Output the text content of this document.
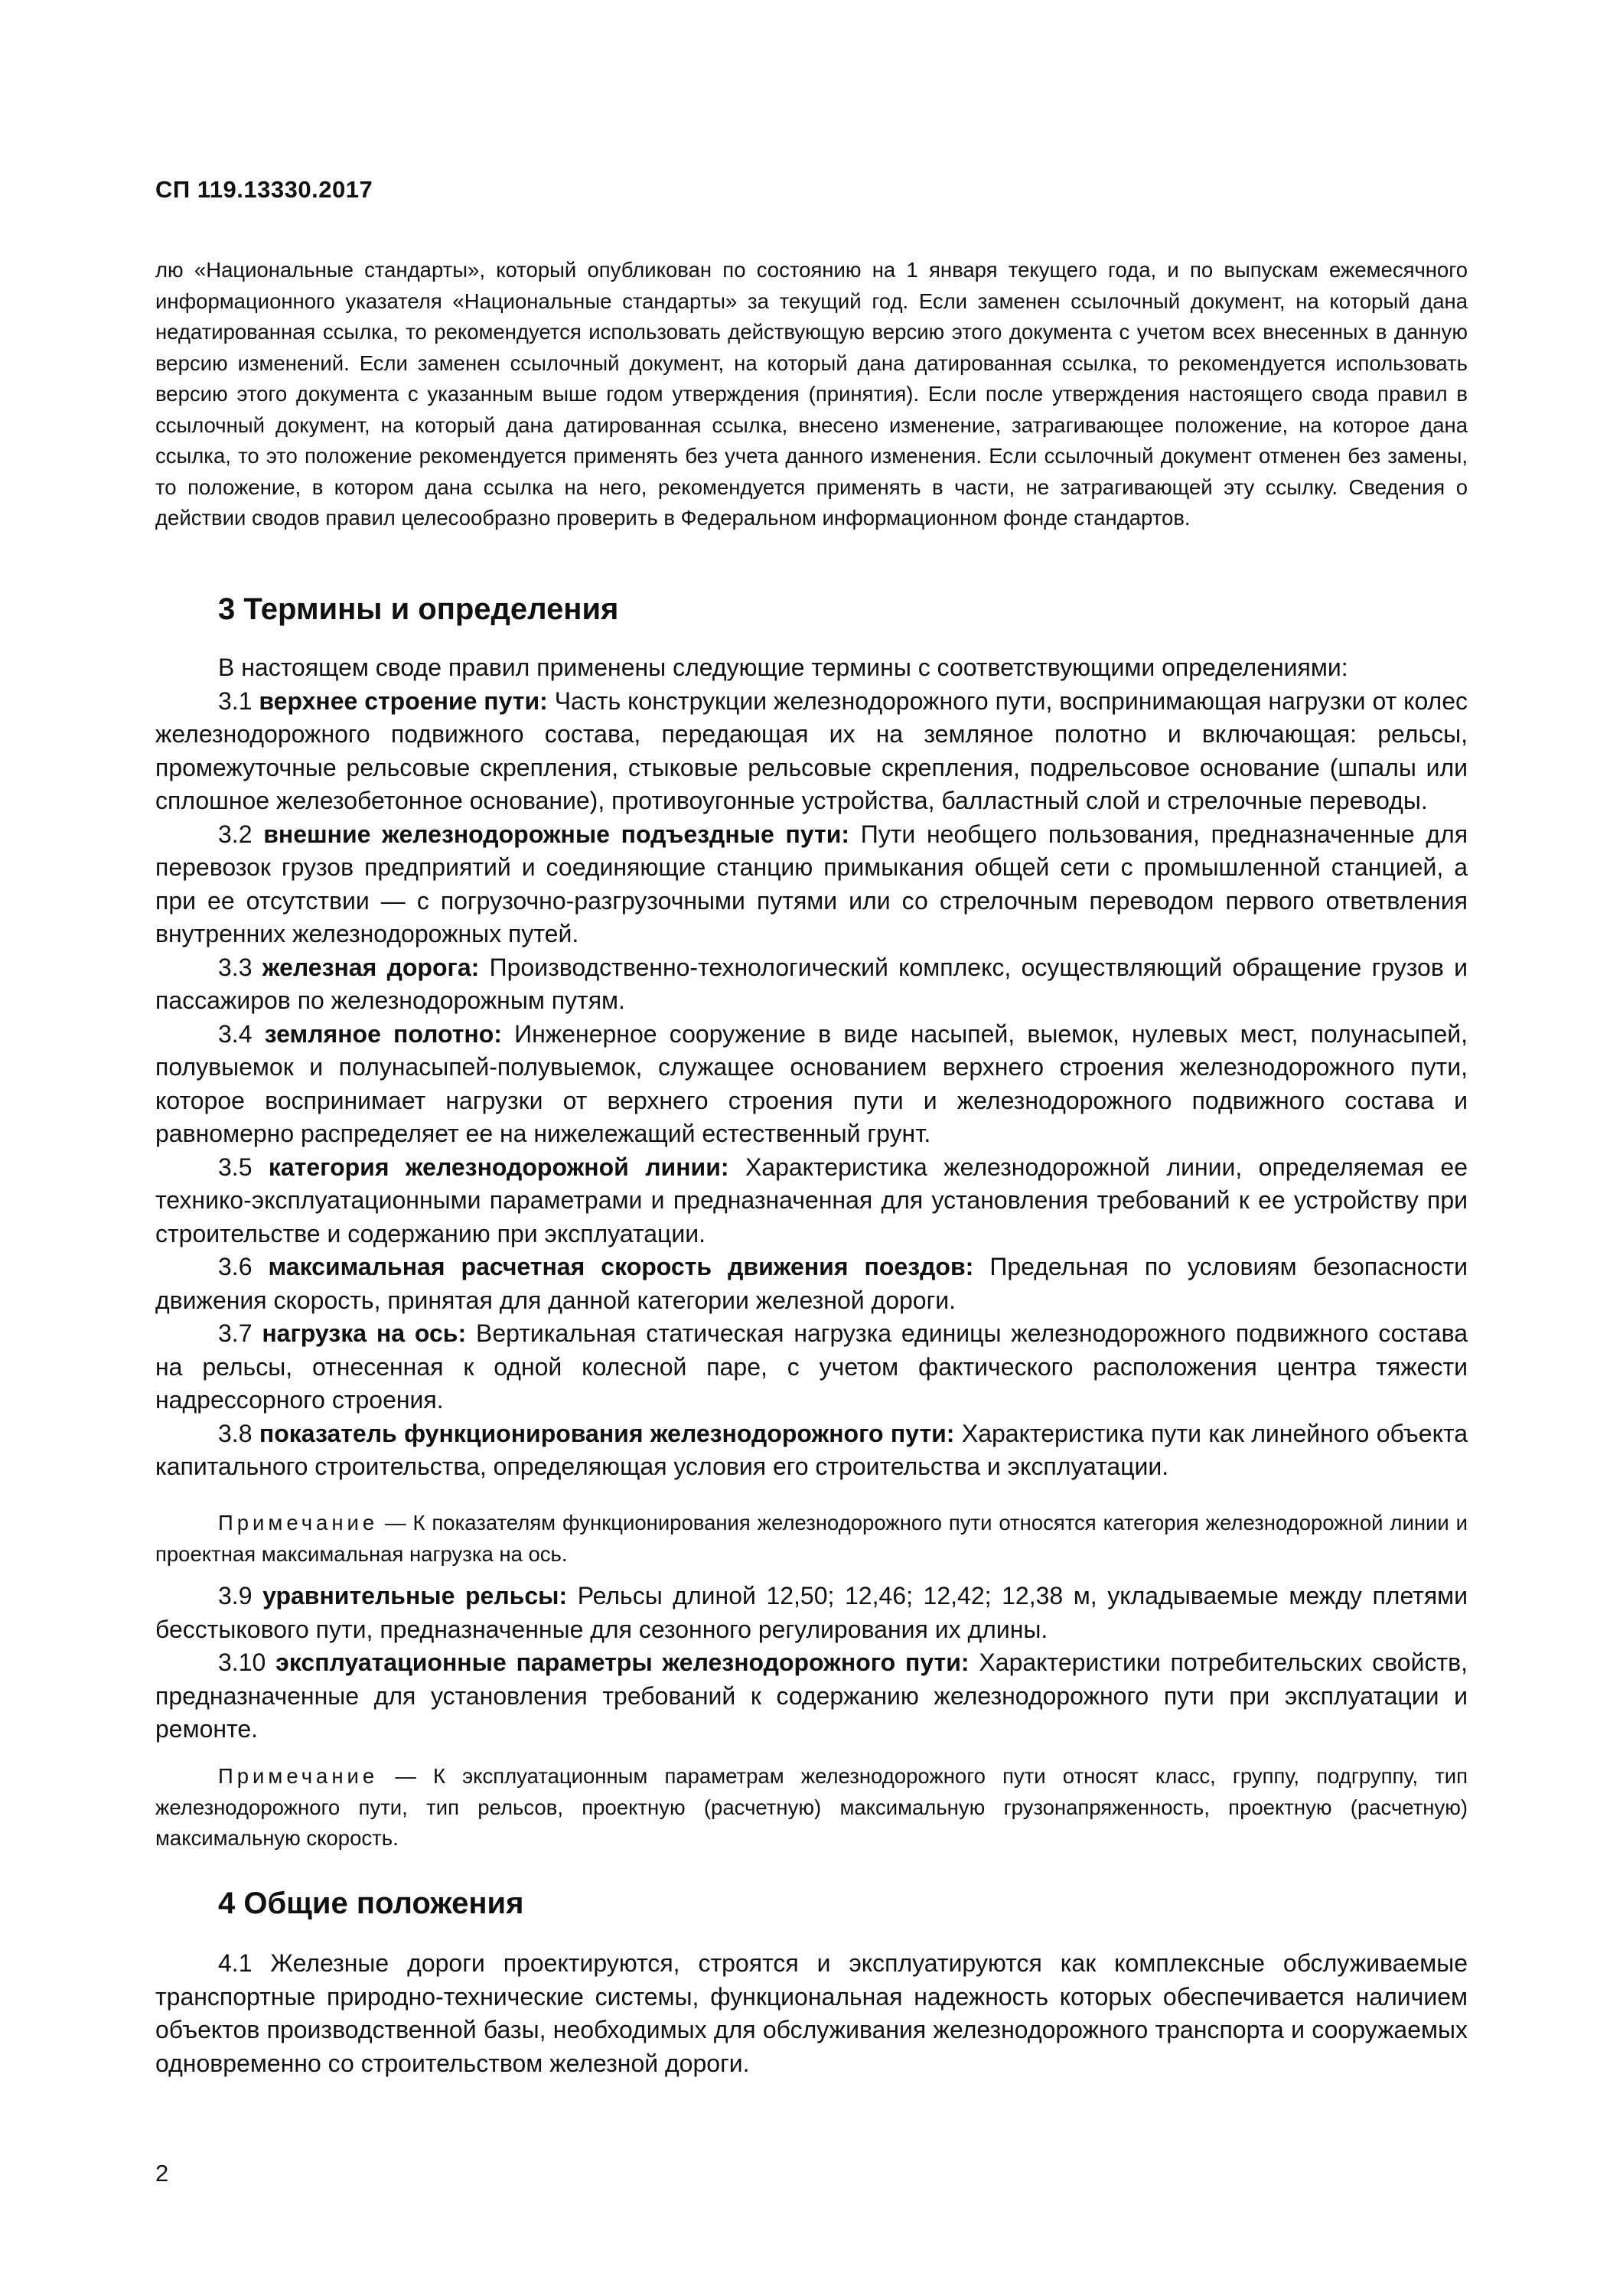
СП 119.13330.2017

лю «Национальные стандарты», который опубликован по состоянию на 1 января текущего года, и по выпускам ежемесячного информационного указателя «Национальные стандарты» за текущий год. Если заменен ссылочный документ, на который дана недатированная ссылка, то рекомендуется использовать действующую версию этого документа с учетом всех внесенных в данную версию изменений. Если заменен ссылочный документ, на который дана датированная ссылка, то рекомендуется использовать версию этого документа с указанным выше годом утверждения (принятия). Если после утверждения настоящего свода правил в ссылочный документ, на который дана датированная ссылка, внесено изменение, затрагивающее положение, на которое дана ссылка, то это положение рекомендуется применять без учета данного изменения. Если ссылочный документ отменен без замены, то положение, в котором дана ссылка на него, рекомендуется применять в части, не затрагивающей эту ссылку. Сведения о действии сводов правил целесообразно проверить в Федеральном информационном фонде стандартов.

3 Термины и определения

В настоящем своде правил применены следующие термины с соответствующими определениями:

3.1 верхнее строение пути: Часть конструкции железнодорожного пути, воспринимающая нагрузки от колес железнодорожного подвижного состава, передающая их на земляное полотно и включающая: рельсы, промежуточные рельсовые скрепления, стыковые рельсовые скрепления, подрельсовое основание (шпалы или сплошное железобетонное основание), противоугонные устройства, балластный слой и стрелочные переводы.

3.2 внешние железнодорожные подъездные пути: Пути необщего пользования, предназначенные для перевозок грузов предприятий и соединяющие станцию примыкания общей сети с промышленной станцией, а при ее отсутствии — с погрузочно-разгрузочными путями или со стрелочным переводом первого ответвления внутренних железнодорожных путей.

3.3 железная дорога: Производственно-технологический комплекс, осуществляющий обращение грузов и пассажиров по железнодорожным путям.

3.4 земляное полотно: Инженерное сооружение в виде насыпей, выемок, нулевых мест, полунасыпей, полувыемок и полунасыпей-полувыемок, служащее основанием верхнего строения железнодорожного пути, которое воспринимает нагрузки от верхнего строения пути и железнодорожного подвижного состава и равномерно распределяет ее на нижележащий естественный грунт.

3.5 категория железнодорожной линии: Характеристика железнодорожной линии, определяемая ее технико-эксплуатационными параметрами и предназначенная для установления требований к ее устройству при строительстве и содержанию при эксплуатации.

3.6 максимальная расчетная скорость движения поездов: Предельная по условиям безопасности движения скорость, принятая для данной категории железной дороги.

3.7 нагрузка на ось: Вертикальная статическая нагрузка единицы железнодорожного подвижного состава на рельсы, отнесенная к одной колесной паре, с учетом фактического расположения центра тяжести надрессорного строения.

3.8 показатель функционирования железнодорожного пути: Характеристика пути как линейного объекта капитального строительства, определяющая условия его строительства и эксплуатации.

Примечание — К показателям функционирования железнодорожного пути относятся категория железнодорожной линии и проектная максимальная нагрузка на ось.

3.9 уравнительные рельсы: Рельсы длиной 12,50; 12,46; 12,42; 12,38 м, укладываемые между плетями бесстыкового пути, предназначенные для сезонного регулирования их длины.

3.10 эксплуатационные параметры железнодорожного пути: Характеристики потребительских свойств, предназначенные для установления требований к содержанию железнодорожного пути при эксплуатации и ремонте.

Примечание — К эксплуатационным параметрам железнодорожного пути относят класс, группу, подгруппу, тип железнодорожного пути, тип рельсов, проектную (расчетную) максимальную грузонапряженность, проектную (расчетную) максимальную скорость.

4 Общие положения

4.1 Железные дороги проектируются, строятся и эксплуатируются как комплексные обслуживаемые транспортные природно-технические системы, функциональная надежность которых обеспечивается наличием объектов производственной базы, необходимых для обслуживания железнодорожного транспорта и сооружаемых одновременно со строительством железной дороги.

2
